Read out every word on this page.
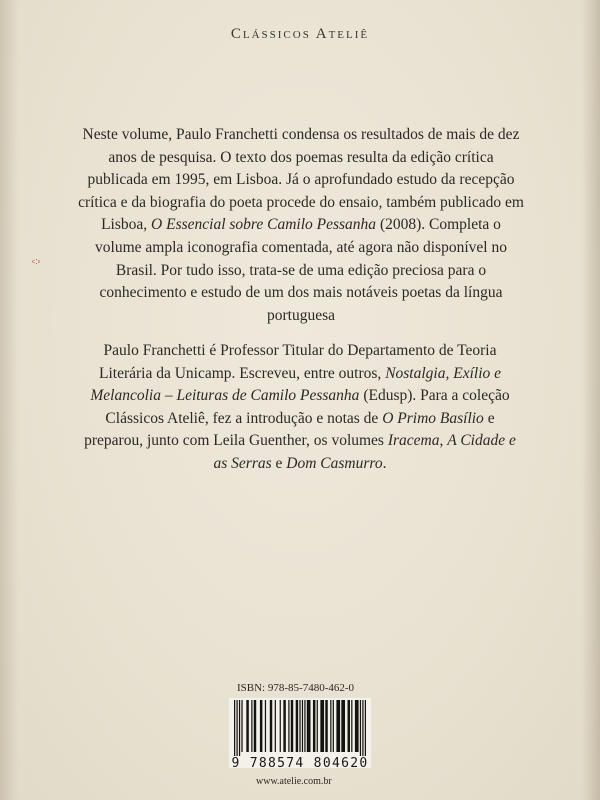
Clássicos Ateliê
ᶜ˸ᶦ

Neste volume, Paulo Franchetti condensa os resultados de mais de dez anos de pesquisa. O texto dos poemas resulta da edição crítica publicada em 1995, em Lisboa. Já o aprofundado estudo da recepção crítica e da biografia do poeta procede do ensaio, também publicado em Lisboa, O Essencial sobre Camilo Pessanha (2008). Completa o volume ampla iconografia comentada, até agora não disponível no Brasil. Por tudo isso, trata-se de uma edição preciosa para o conhecimento e estudo de um dos mais notáveis poetas da língua portuguesa

Paulo Franchetti é Professor Titular do Departamento de Teoria Literária da Unicamp. Escreveu, entre outros, Nostalgia, Exílio e Melancolia – Leituras de Camilo Pessanha (Edusp). Para a coleção Clássicos Ateliê, fez a introdução e notas de O Primo Basílio e preparou, junto com Leila Guenther, os volumes Iracema, A Cidade e as Serras e Dom Casmurro.

ISBN: 978-85-7480-462-0
9 788574 804620
www.atelie.com.br
